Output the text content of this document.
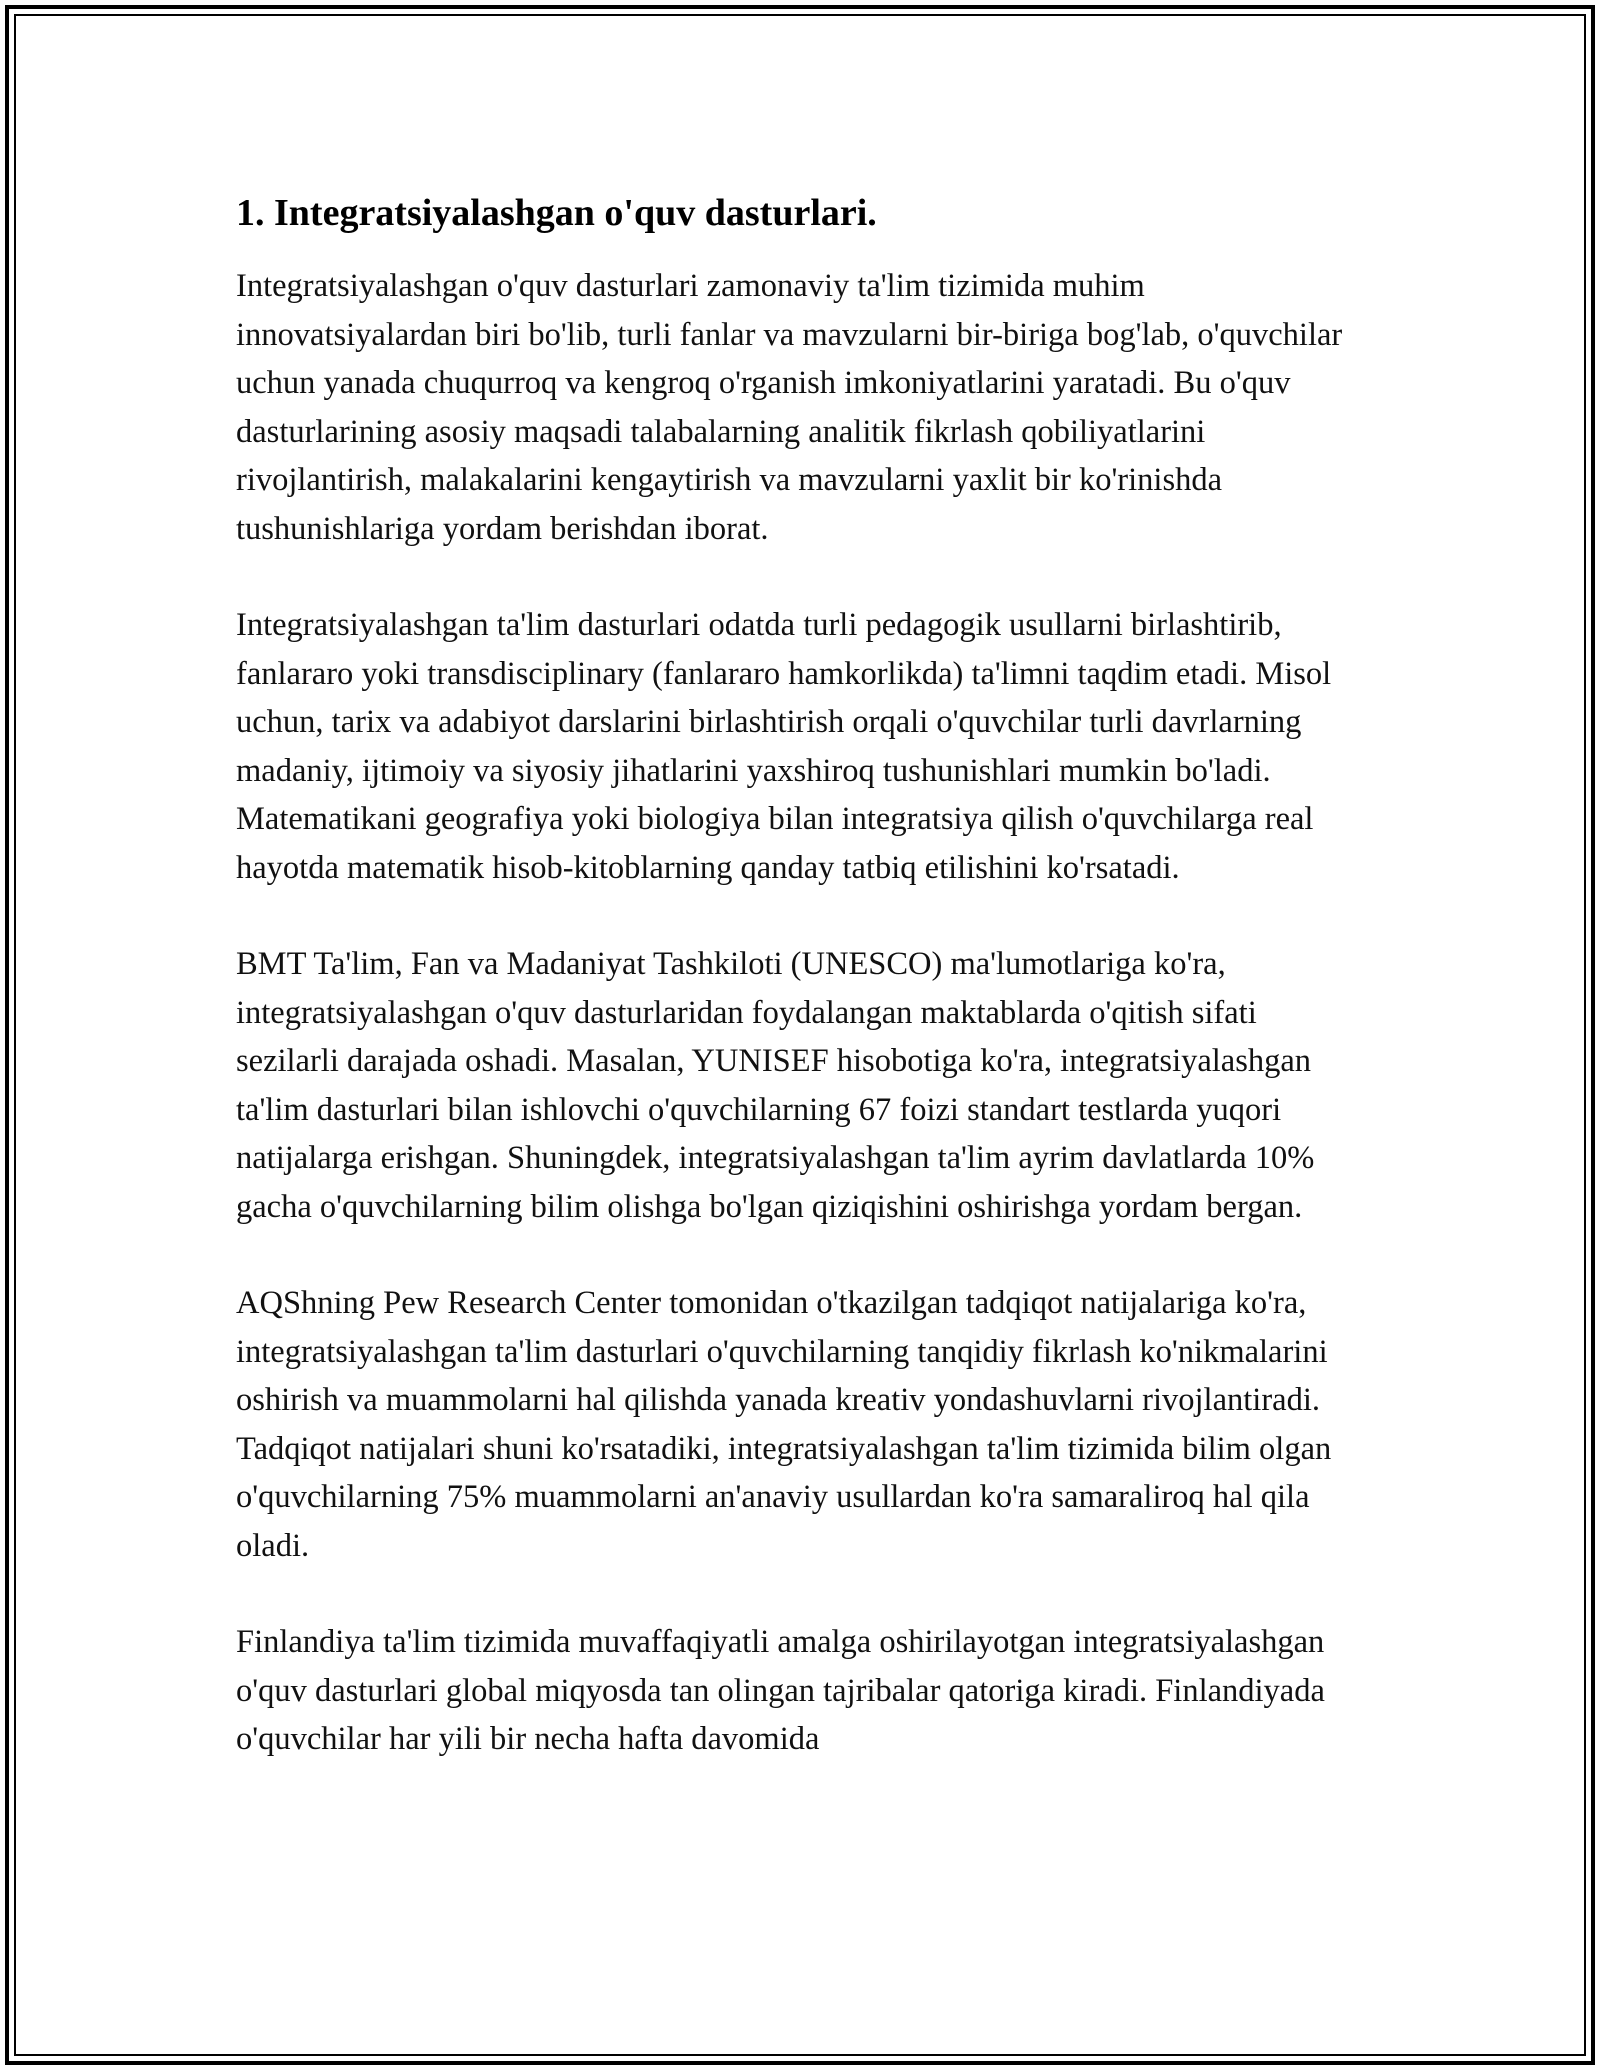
1. Integratsiyalashgan o'quv dasturlari.

Integratsiyalashgan o'quv dasturlari zamonaviy ta'lim tizimida muhim innovatsiyalardan biri bo'lib, turli fanlar va mavzularni bir-biriga bog'lab, o'quvchilar uchun yanada chuqurroq va kengroq o'rganish imkoniyatlarini yaratadi. Bu o'quv dasturlarining asosiy maqsadi talabalarning analitik fikrlash qobiliyatlarini rivojlantirish, malakalarini kengaytirish va mavzularni yaxlit bir ko'rinishda tushunishlariga yordam berishdan iborat.

Integratsiyalashgan ta'lim dasturlari odatda turli pedagogik usullarni birlashtirib, fanlararo yoki transdisciplinary (fanlararo hamkorlikda) ta'limni taqdim etadi. Misol uchun, tarix va adabiyot darslarini birlashtirish orqali o'quvchilar turli davrlarning madaniy, ijtimoiy va siyosiy jihatlarini yaxshiroq tushunishlari mumkin bo'ladi. Matematikani geografiya yoki biologiya bilan integratsiya qilish o'quvchilarga real hayotda matematik hisob-kitoblarning qanday tatbiq etilishini ko'rsatadi.

BMT Ta'lim, Fan va Madaniyat Tashkiloti (UNESCO) ma'lumotlariga ko'ra, integratsiyalashgan o'quv dasturlaridan foydalangan maktablarda o'qitish sifati sezilarli darajada oshadi. Masalan, YUNISEF hisobotiga ko'ra, integratsiyalashgan ta'lim dasturlari bilan ishlovchi o'quvchilarning 67 foizi standart testlarda yuqori natijalarga erishgan. Shuningdek, integratsiyalashgan ta'lim ayrim davlatlarda 10% gacha o'quvchilarning bilim olishga bo'lgan qiziqishini oshirishga yordam bergan.

AQShning Pew Research Center tomonidan o'tkazilgan tadqiqot natijalariga ko'ra, integratsiyalashgan ta'lim dasturlari o'quvchilarning tanqidiy fikrlash ko'nikmalarini oshirish va muammolarni hal qilishda yanada kreativ yondashuvlarni rivojlantiradi. Tadqiqot natijalari shuni ko'rsatadiki, integratsiyalashgan ta'lim tizimida bilim olgan o'quvchilarning 75% muammolarni an'anaviy usullardan ko'ra samaraliroq hal qila oladi.

Finlandiya ta'lim tizimida muvaffaqiyatli amalga oshirilayotgan integratsiyalashgan o'quv dasturlari global miqyosda tan olingan tajribalar qatoriga kiradi. Finlandiyada o'quvchilar har yili bir necha hafta davomida
